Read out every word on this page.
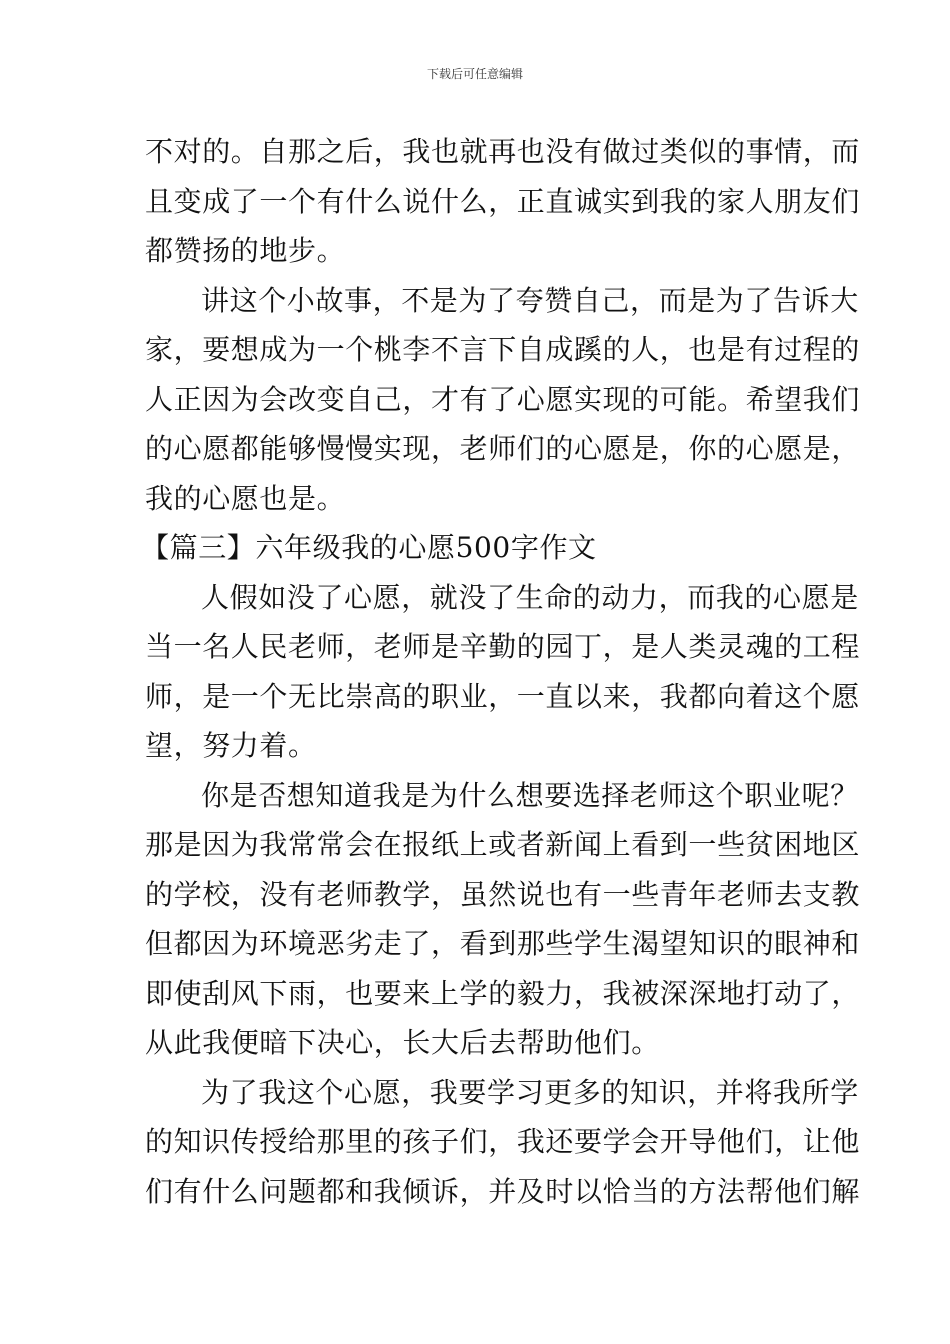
下载后可任意编辑
不对的。自那之后，我也就再也没有做过类似的事情，而
且变成了一个有什么说什么，正直诚实到我的家人朋友们
都赞扬的地步。
讲这个小故事，不是为了夸赞自己，而是为了告诉大
家，要想成为一个桃李不言下自成蹊的人，也是有过程的
人正因为会改变自己，才有了心愿实现的可能。希望我们
的心愿都能够慢慢实现，老师们的心愿是，你的心愿是，
我的心愿也是。
【篇三】六年级我的心愿500字作文
人假如没了心愿，就没了生命的动力，而我的心愿是
当一名人民老师，老师是辛勤的园丁，是人类灵魂的工程
师，是一个无比崇高的职业，一直以来，我都向着这个愿
望，努力着。
你是否想知道我是为什么想要选择老师这个职业呢？
那是因为我常常会在报纸上或者新闻上看到一些贫困地区
的学校，没有老师教学，虽然说也有一些青年老师去支教
但都因为环境恶劣走了，看到那些学生渴望知识的眼神和
即使刮风下雨，也要来上学的毅力，我被深深地打动了，
从此我便暗下决心，长大后去帮助他们。
为了我这个心愿，我要学习更多的知识，并将我所学
的知识传授给那里的孩子们，我还要学会开导他们，让他
们有什么问题都和我倾诉，并及时以恰当的方法帮他们解
